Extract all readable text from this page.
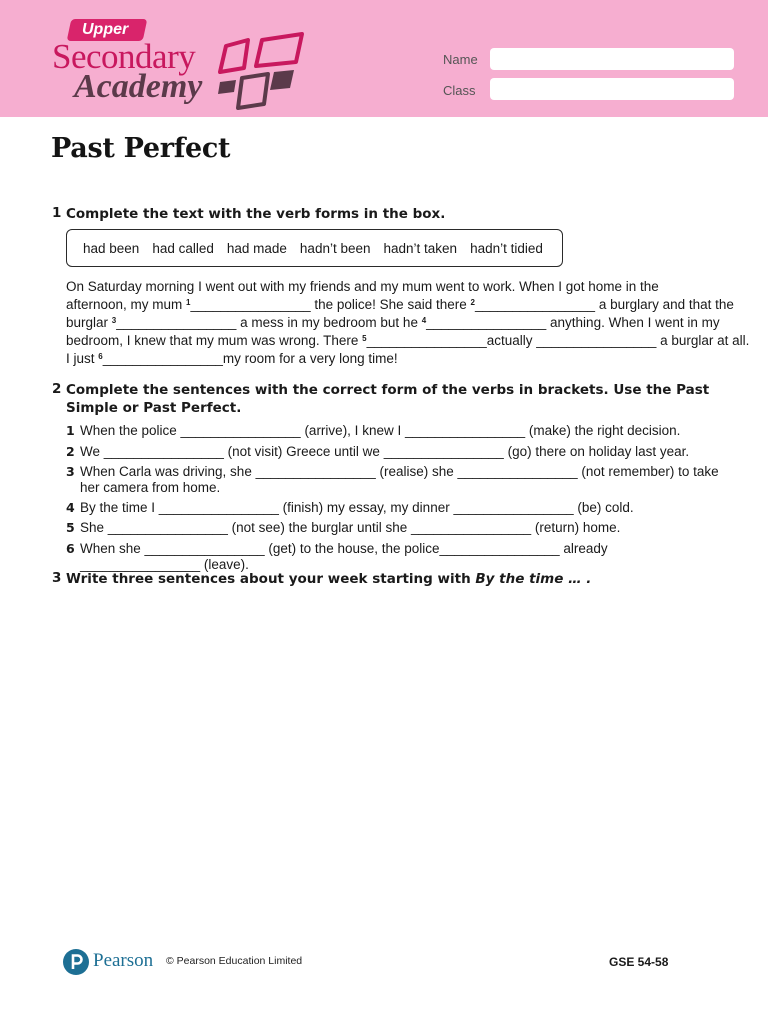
Upper
Secondary
Academy
Name
Class
Past Perfect
1 Complete the text with the verb forms in the box.
had been had called had made hadn’t been hadn’t taken hadn’t tidied

On Saturday morning I went out with my friends and my mum went to work. When I got home in the

afternoon, my mum $^1$________________ the police! She said there $^2$________________ a burglary and that the

burglar $^3$________________ a mess in my bedroom but he $^4$________________ anything. When I went in my

bedroom, I knew that my mum was wrong. There $^5$________________actually ________________ a burglar at all.

I just $^6$________________my room for a very long time!

2 Complete the sentences with the correct form of the verbs in brackets. Use the Past Simple or Past Perfect.
1 When the police ________________ (arrive), I knew I ________________ (make) the right decision.
2 We ________________ (not visit) Greece until we ________________ (go) there on holiday last year.
3 When Carla was driving, she ________________ (realise) she ________________ (not remember) to take her camera from home.
4 By the time I ________________ (finish) my essay, my dinner ________________ (be) cold.
5 She ________________ (not see) the burglar until she ________________ (return) home.
6 When she ________________ (get) to the house, the police________________ already ________________ (leave).
3 Write three sentences about your week starting with By the time … .
Pearson © Pearson Education Limited	GSE 54-58
